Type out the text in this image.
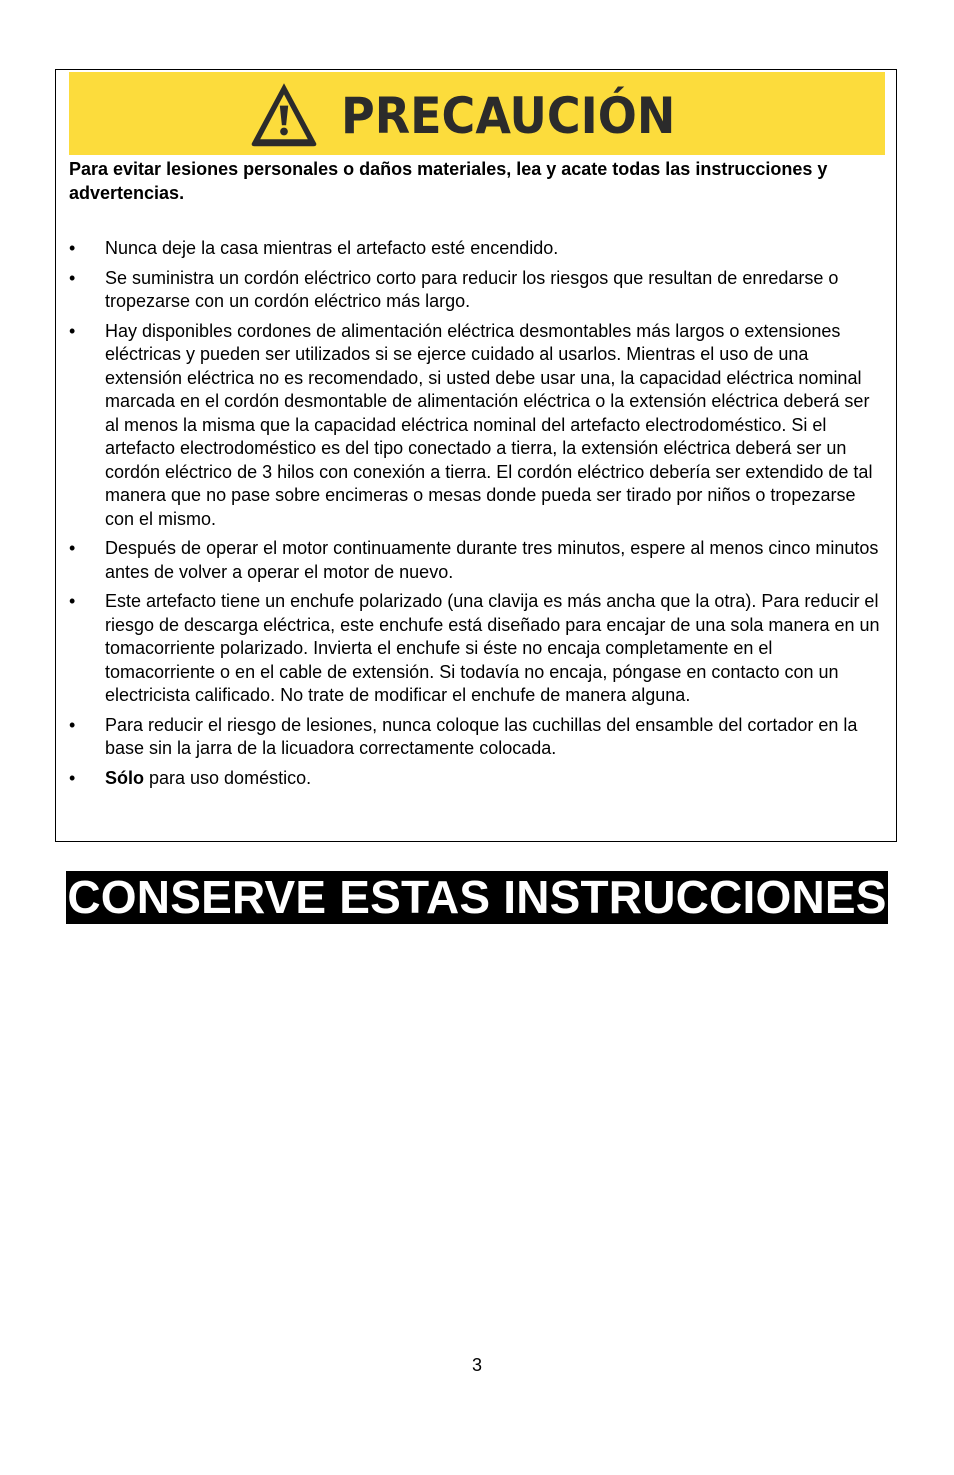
PRECAUCIÓN
Para evitar lesiones personales o daños materiales, lea y acate todas las instrucciones y advertencias.
• Nunca deje la casa mientras el artefacto esté encendido.
• Se suministra un cordón eléctrico corto para reducir los riesgos que resultan de enredarse o tropezarse con un cordón eléctrico más largo.
• Hay disponibles cordones de alimentación eléctrica desmontables más largos o extensiones eléctricas y pueden ser utilizados si se ejerce cuidado al usarlos. Mientras el uso de una extensión eléctrica no es recomendado, si usted debe usar una, la capacidad eléctrica nominal marcada en el cordón desmontable de alimentación eléctrica o la extensión eléctrica deberá ser al menos la misma que la capacidad eléctrica nominal del artefacto electrodoméstico. Si el artefacto electrodoméstico es del tipo conectado a tierra, la extensión eléctrica deberá ser un cordón eléctrico de 3 hilos con conexión a tierra. El cordón eléctrico debería ser extendido de tal manera que no pase sobre encimeras o mesas donde pueda ser tirado por niños o tropezarse con el mismo.
• Después de operar el motor continuamente durante tres minutos, espere al menos cinco minutos antes de volver a operar el motor de nuevo.
• Este artefacto tiene un enchufe polarizado (una clavija es más ancha que la otra). Para reducir el riesgo de descarga eléctrica, este enchufe está diseñado para encajar de una sola manera en un tomacorriente polarizado. Invierta el enchufe si éste no encaja completamente en el tomacorriente o en el cable de extensión. Si todavía no encaja, póngase en contacto con un electricista calificado. No trate de modificar el enchufe de manera alguna.
• Para reducir el riesgo de lesiones, nunca coloque las cuchillas del ensamble del cortador en la base sin la jarra de la licuadora correctamente colocada.
• Sólo para uso doméstico.
CONSERVE ESTAS INSTRUCCIONES
3
